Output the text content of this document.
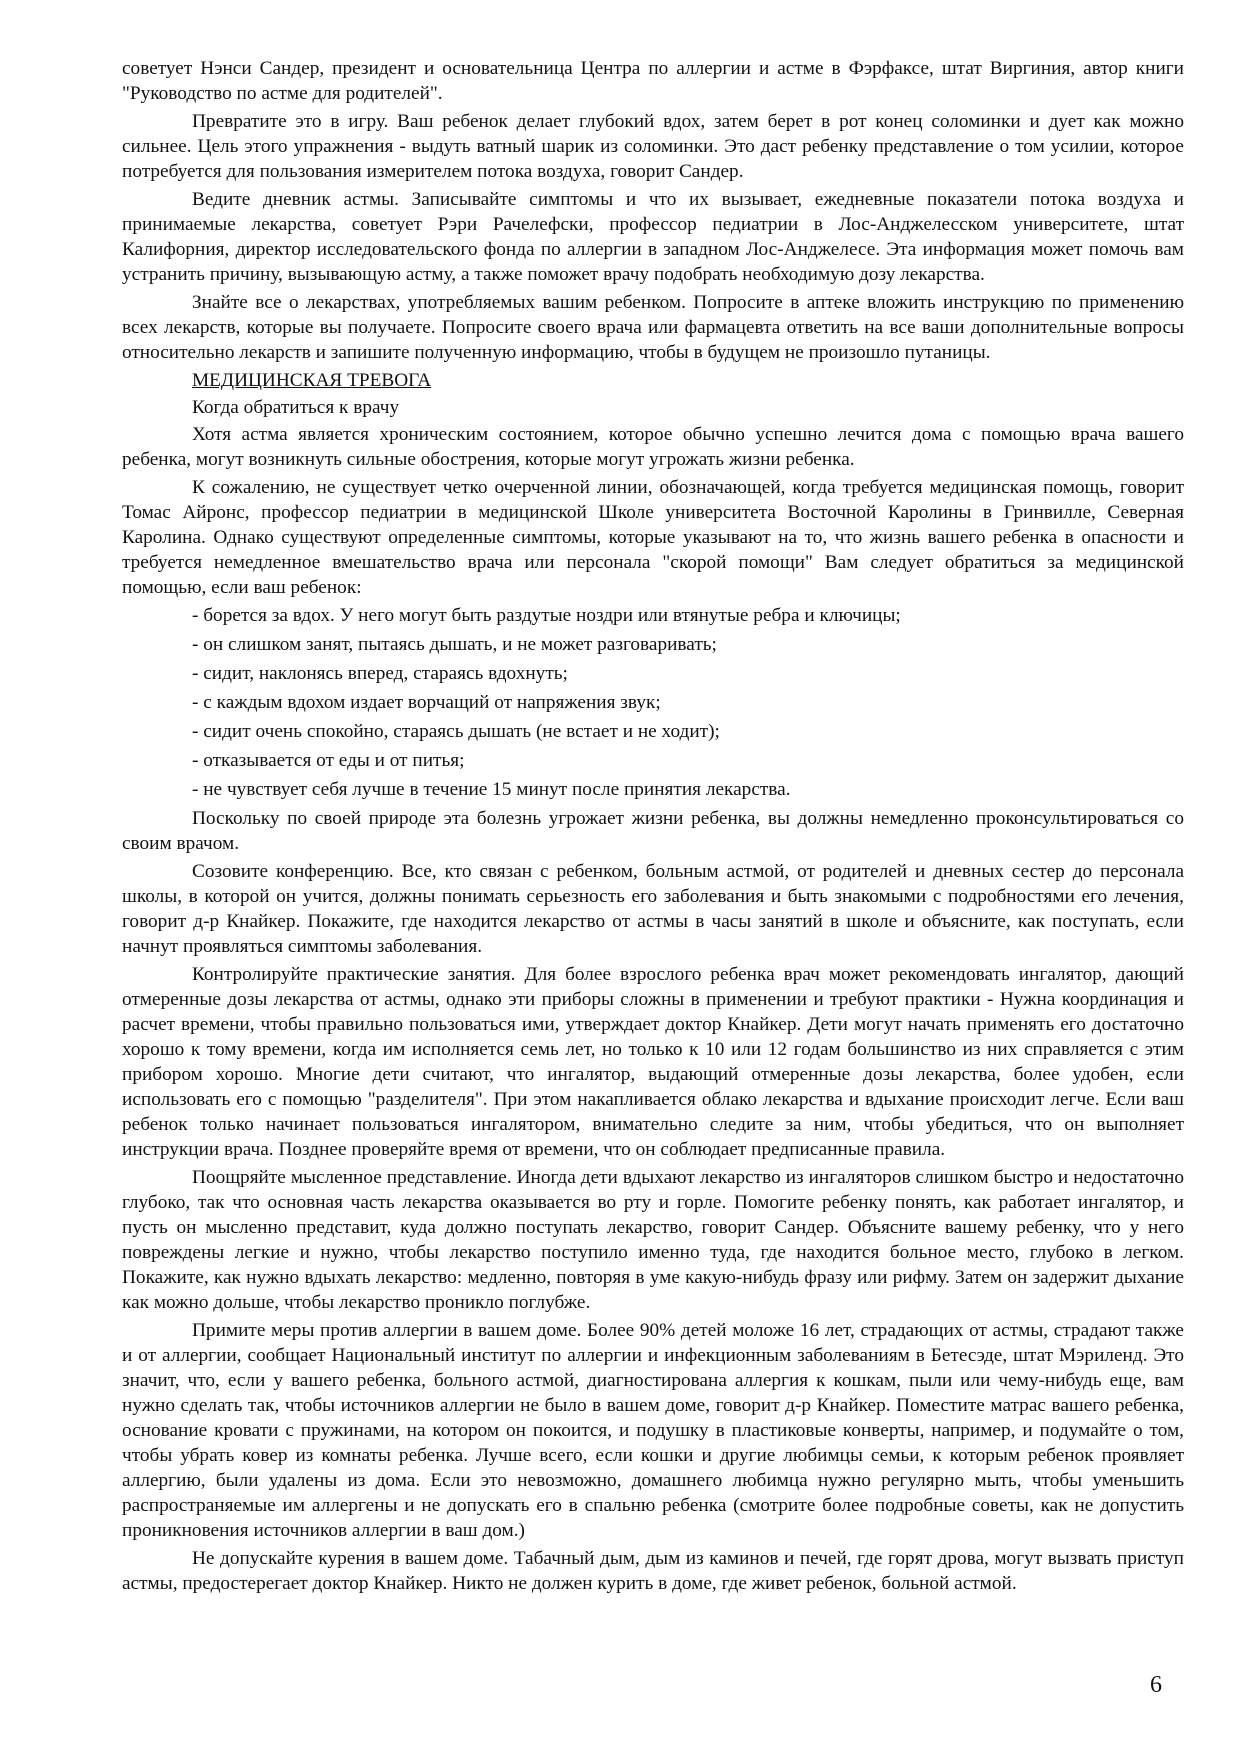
советует Нэнси Сандер, президент и основательница Центра по аллергии и астме в Фэрфаксе, штат Виргиния, автор книги "Руководство по астме для родителей".

Превратите это в игру. Ваш ребенок делает глубокий вдох, затем берет в рот конец соломинки и дует как можно сильнее. Цель этого упражнения - выдуть ватный шарик из соломинки. Это даст ребенку представление о том усилии, которое потребуется для пользования измерителем потока воздуха, говорит Сандер.

Ведите дневник астмы. Записывайте симптомы и что их вызывает, ежедневные показатели потока воздуха и принимаемые лекарства, советует Рэри Рачелефски, профессор педиатрии в Лос-Анджелесском университете, штат Калифорния, директор исследовательского фонда по аллергии в западном Лос-Анджелесе. Эта информация может помочь вам устранить причину, вызывающую астму, а также поможет врачу подобрать необходимую дозу лекарства.

Знайте все о лекарствах, употребляемых вашим ребенком. Попросите в аптеке вложить инструкцию по применению всех лекарств, которые вы получаете. Попросите своего врача или фармацевта ответить на все ваши дополнительные вопросы относительно лекарств и запишите полученную информацию, чтобы в будущем не произошло путаницы.

МЕДИЦИНСКАЯ ТРЕВОГА

Когда обратиться к врачу

Хотя астма является хроническим состоянием, которое обычно успешно лечится дома с помощью врача вашего ребенка, могут возникнуть сильные обострения, которые могут угрожать жизни ребенка.

К сожалению, не существует четко очерченной линии, обозначающей, когда требуется медицинская помощь, говорит Томас Айронс, профессор педиатрии в медицинской Школе университета Восточной Каролины в Гринвилле, Северная Каролина. Однако существуют определенные симптомы, которые указывают на то, что жизнь вашего ребенка в опасности и требуется немедленное вмешательство врача или персонала "скорой помощи" Вам следует обратиться за медицинской помощью, если ваш ребенок:

- борется за вдох. У него могут быть раздутые ноздри или втянутые ребра и ключицы;
- он слишком занят, пытаясь дышать, и не может разговаривать;
- сидит, наклонясь вперед, стараясь вдохнуть;
- с каждым вдохом издает ворчащий от напряжения звук;
- сидит очень спокойно, стараясь дышать (не встает и не ходит);
- отказывается от еды и от питья;
- не чувствует себя лучше в течение 15 минут после принятия лекарства.

Поскольку по своей природе эта болезнь угрожает жизни ребенка, вы должны немедленно проконсультироваться со своим врачом.

Созовите конференцию. Все, кто связан с ребенком, больным астмой, от родителей и дневных сестер до персонала школы, в которой он учится, должны понимать серьезность его заболевания и быть знакомыми с подробностями его лечения, говорит д-р Кнайкер. Покажите, где находится лекарство от астмы в часы занятий в школе и объясните, как поступать, если начнут проявляться симптомы заболевания.

Контролируйте практические занятия. Для более взрослого ребенка врач может рекомендовать ингалятор, дающий отмеренные дозы лекарства от астмы, однако эти приборы сложны в применении и требуют практики - Нужна координация и расчет времени, чтобы правильно пользоваться ими, утверждает доктор Кнайкер. Дети могут начать применять его достаточно хорошо к тому времени, когда им исполняется семь лет, но только к 10 или 12 годам большинство из них справляется с этим прибором хорошо. Многие дети считают, что ингалятор, выдающий отмеренные дозы лекарства, более удобен, если использовать его с помощью "разделителя". При этом накапливается облако лекарства и вдыхание происходит легче. Если ваш ребенок только начинает пользоваться ингалятором, внимательно следите за ним, чтобы убедиться, что он выполняет инструкции врача. Позднее проверяйте время от времени, что он соблюдает предписанные правила.

Поощряйте мысленное представление. Иногда дети вдыхают лекарство из ингаляторов слишком быстро и недостаточно глубоко, так что основная часть лекарства оказывается во рту и горле. Помогите ребенку понять, как работает ингалятор, и пусть он мысленно представит, куда должно поступать лекарство, говорит Сандер. Объясните вашему ребенку, что у него повреждены легкие и нужно, чтобы лекарство поступило именно туда, где находится больное место, глубоко в легком. Покажите, как нужно вдыхать лекарство: медленно, повторяя в уме какую-нибудь фразу или рифму. Затем он задержит дыхание как можно дольше, чтобы лекарство проникло поглубже.

Примите меры против аллергии в вашем доме. Более 90% детей моложе 16 лет, страдающих от астмы, страдают также и от аллергии, сообщает Национальный институт по аллергии и инфекционным заболеваниям в Бетесэде, штат Мэриленд. Это значит, что, если у вашего ребенка, больного астмой, диагностирована аллергия к кошкам, пыли или чему-нибудь еще, вам нужно сделать так, чтобы источников аллергии не было в вашем доме, говорит д-р Кнайкер. Поместите матрас вашего ребенка, основание кровати с пружинами, на котором он покоится, и подушку в пластиковые конверты, например, и подумайте о том, чтобы убрать ковер из комнаты ребенка. Лучше всего, если кошки и другие любимцы семьи, к которым ребенок проявляет аллергию, были удалены из дома. Если это невозможно, домашнего любимца нужно регулярно мыть, чтобы уменьшить распространяемые им аллергены и не допускать его в спальню ребенка (смотрите более подробные советы, как не допустить проникновения источников аллергии в ваш дом.)

Не допускайте курения в вашем доме. Табачный дым, дым из каминов и печей, где горят дрова, могут вызвать приступ астмы, предостерегает доктор Кнайкер. Никто не должен курить в доме, где живет ребенок, больной астмой.

6
